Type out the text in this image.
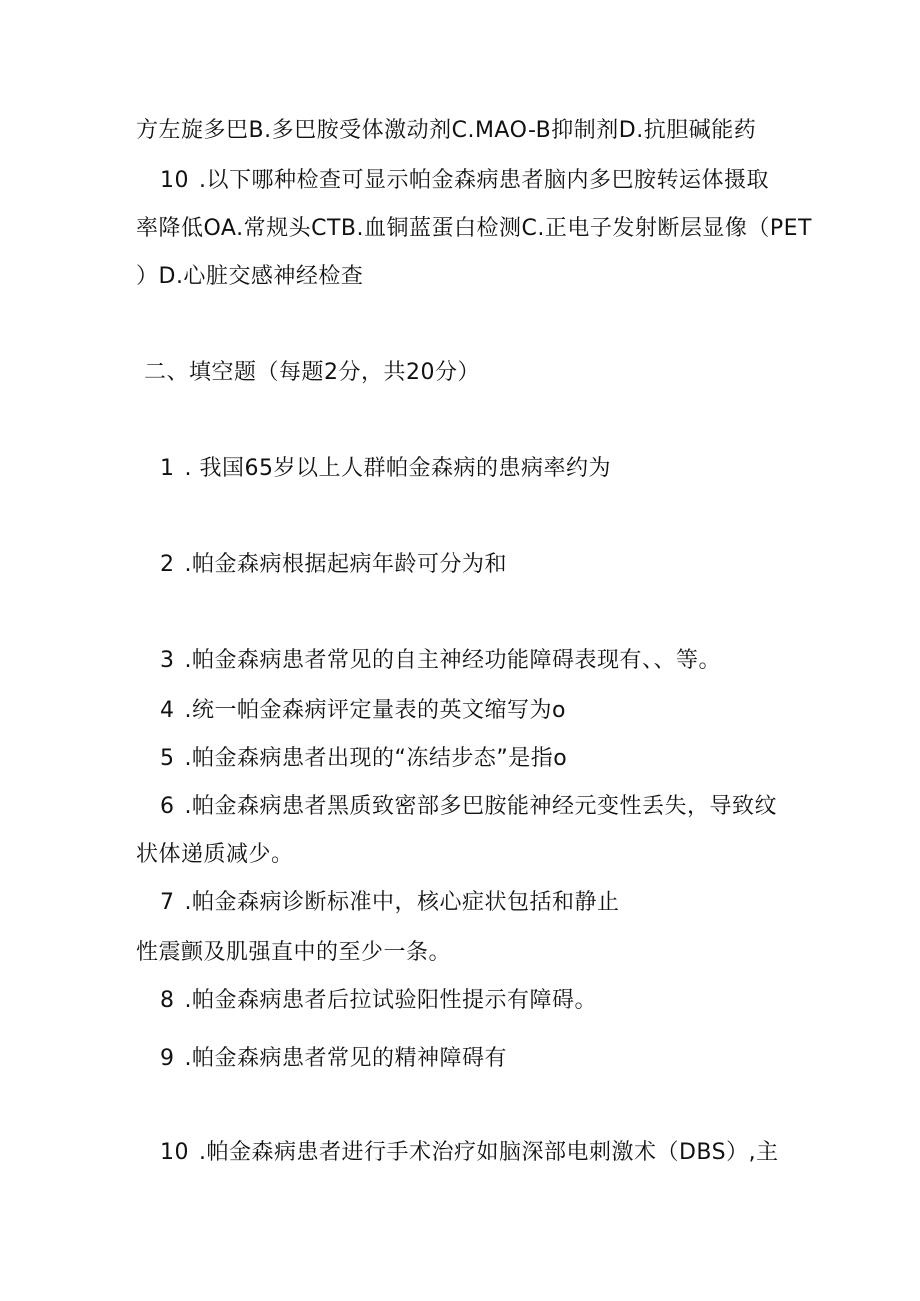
方左旋多巴B.多巴胺受体激动剂C.MAO-B抑制剂D.抗胆碱能药
10 .以下哪种检查可显示帕金森病患者脑内多巴胺转运体摄取
率降低OA.常规头CTB.血铜蓝蛋白检测C.正电子发射断层显像（PET
）D.心脏交感神经检查
二、填空题（每题2分，共20分）
1 . 我国65岁以上人群帕金森病的患病率约为
2 .帕金森病根据起病年龄可分为和
3 .帕金森病患者常见的自主神经功能障碍表现有、、等。
4 .统一帕金森病评定量表的英文缩写为o
5 .帕金森病患者出现的“冻结步态”是指o
6 .帕金森病患者黑质致密部多巴胺能神经元变性丢失，导致纹
状体递质减少。
7 .帕金森病诊断标准中，核心症状包括和静止
性震颤及肌强直中的至少一条。
8 .帕金森病患者后拉试验阳性提示有障碍。
9 .帕金森病患者常见的精神障碍有
10 .帕金森病患者进行手术治疗如脑深部电刺激术（DBS）,主
